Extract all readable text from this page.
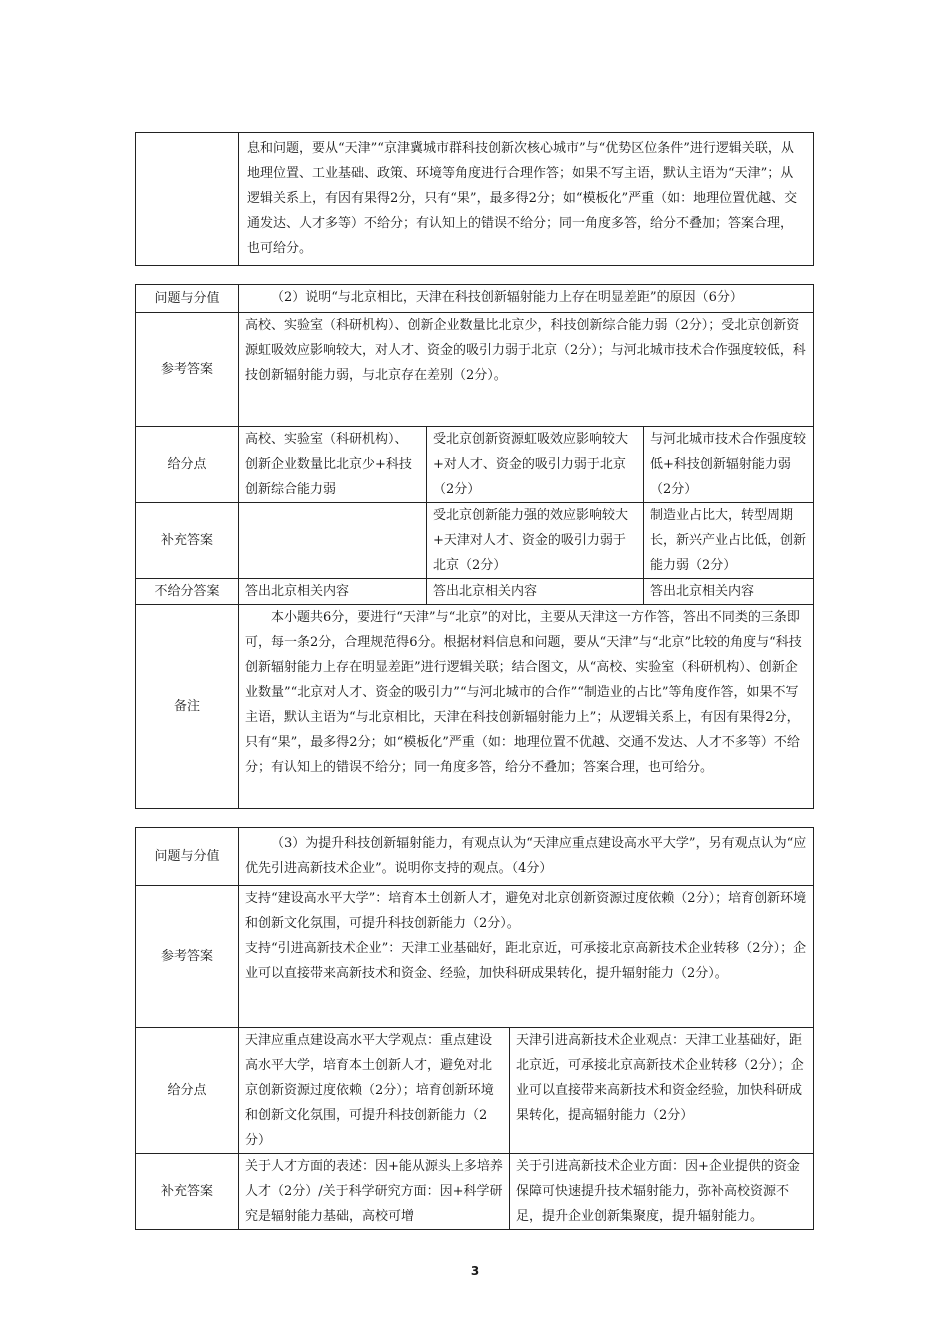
	息和问题，要从“天津”“京津冀城市群科技创新次核心城市”与“优势区位条件”进行逻辑关联，从地理位置、工业基础、政策、环境等角度进行合理作答；如果不写主语，默认主语为“天津”；从逻辑关系上，有因有果得2分，只有“果”，最多得2分；如“模板化”严重（如：地理位置优越、交通发达、人才多等）不给分；有认知上的错误不给分；同一角度多答，给分不叠加；答案合理，也可给分。
问题与分值	（2）说明“与北京相比，天津在科技创新辐射能力上存在明显差距”的原因（6分）		
参考答案	高校、实验室（科研机构）、创新企业数量比北京少，科技创新综合能力弱（2分）；受北京创新资源虹吸效应影响较大，对人才、资金的吸引力弱于北京（2分）；与河北城市技术合作强度较低，科技创新辐射能力弱，与北京存在差别（2分）。		
给分点	高校、实验室（科研机构）、创新企业数量比北京少+科技创新综合能力弱	受北京创新资源虹吸效应影响较大+对人才、资金的吸引力弱于北京（2分）	与河北城市技术合作强度较低+科技创新辐射能力弱（2分）
补充答案		受北京创新能力强的效应影响较大+天津对人才、资金的吸引力弱于北京（2分）	制造业占比大，转型周期长，新兴产业占比低，创新能力弱（2分）
不给分答案	答出北京相关内容	答出北京相关内容	答出北京相关内容
备注	本小题共6分，要进行“天津”与“北京”的对比，主要从天津这一方作答，答出不同类的三条即可，每一条2分，合理规范得6分。根据材料信息和问题，要从“天津”与“北京”比较的角度与“科技创新辐射能力上存在明显差距”进行逻辑关联；结合图文，从“高校、实验室（科研机构）、创新企业数量”“北京对人才、资金的吸引力”“与河北城市的合作”“制造业的占比”等角度作答，如果不写主语，默认主语为“与北京相比，天津在科技创新辐射能力上”；从逻辑关系上，有因有果得2分，只有“果”，最多得2分；如“模板化”严重（如：地理位置不优越、交通不发达、人才不多等）不给分；有认知上的错误不给分；同一角度多答，给分不叠加；答案合理，也可给分。		
问题与分值	（3）为提升科技创新辐射能力，有观点认为“天津应重点建设高水平大学”，另有观点认为“应优先引进高新技术企业”。说明你支持的观点。（4分）	
参考答案	支持“建设高水平大学”：培育本土创新人才，避免对北京创新资源过度依赖（2分）；培育创新环境和创新文化氛围，可提升科技创新能力（2分）。
支持“引进高新技术企业”：天津工业基础好，距北京近，可承接北京高新技术企业转移（2分）；企业可以直接带来高新技术和资金、经验，加快科研成果转化，提升辐射能力（2分）。	

给分点	天津应重点建设高水平大学观点：重点建设高水平大学，培育本土创新人才，避免对北京创新资源过度依赖（2分）；培育创新环境和创新文化氛围，可提升科技创新能力（2分）	天津引进高新技术企业观点：天津工业基础好，距北京近，可承接北京高新技术企业转移（2分）；企业可以直接带来高新技术和资金经验，加快科研成果转化，提高辐射能力（2分）
补充答案	关于人才方面的表述：因+能从源头上多培养人才（2分）/关于科学研究方面：因+科学研究是辐射能力基础，高校可增	关于引进高新技术企业方面：因+企业提供的资金保障可快速提升技术辐射能力，弥补高校资源不足，提升企业创新集聚度，提升辐射能力。
3
